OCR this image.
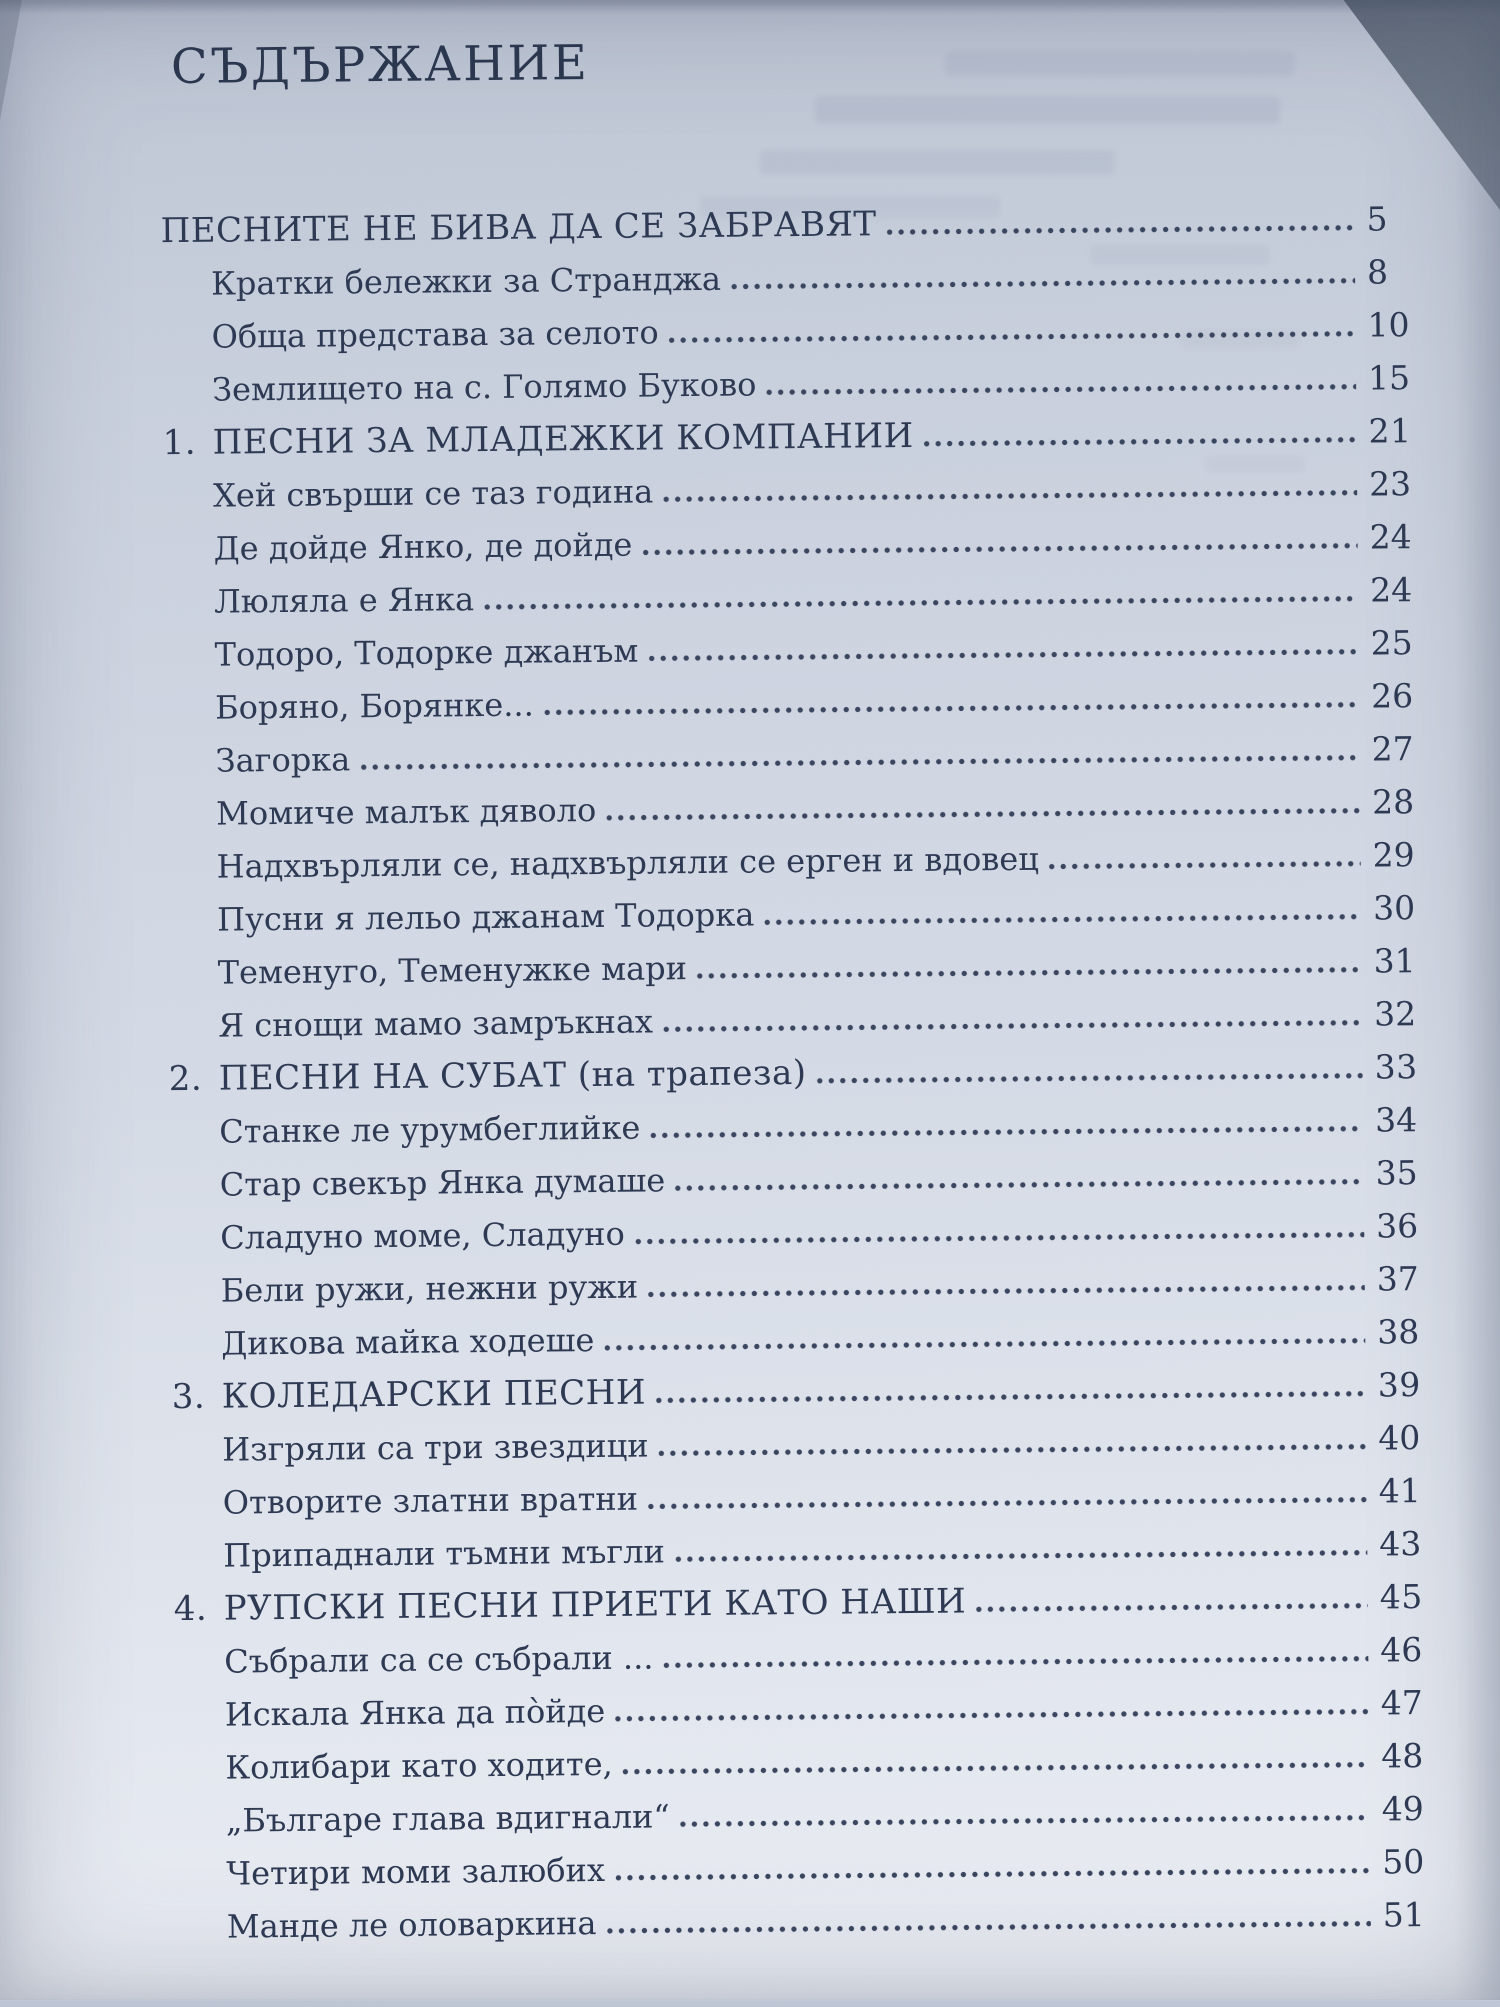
СЪДЪРЖАНИЕ
ПЕСНИТЕ НЕ БИВА ДА СЕ ЗАБРАВЯТ	5
Кратки бележки за Странджа	8
Обща представа за селото	10
Землището на с. Голямо Буково	15
1. ПЕСНИ ЗА МЛАДЕЖКИ КОМПАНИИ	21
Хей свърши се таз година	23
Де дойде Янко, де дойде	24
Люляла е Янка	24
Тодоро, Тодорке джанъм	25
Боряно, Борянке...	26
Загорка	27
Момиче малък дяволо	28
Надхвърляли се, надхвърляли се ерген и вдовец	29
Пусни я лельо джанам Тодорка	30
Теменуго, Теменужке мари	31
Я снощи мамо замръкнах	32
2. ПЕСНИ НА СУБАТ (на трапеза)	33
Станке ле урумбеглийке	34
Стар свекър Янка думаше	35
Сладуно моме, Сладуно	36
Бели ружи, нежни ружи	37
Дикова майка ходеше	38
3. КОЛЕДАРСКИ ПЕСНИ	39
Изгряли са три звездици	40
Отворите златни вратни	41
Припаднали тъмни мъгли	43
4. РУПСКИ ПЕСНИ ПРИЕТИ КАТО НАШИ	45
Събрали са се събрали ...	46
Искала Янка да по̀йде	47
Колибари като ходите,	48
„Българе глава вдигнали“	49
Четири моми залюбих	50
Манде ле оловаркина	51
